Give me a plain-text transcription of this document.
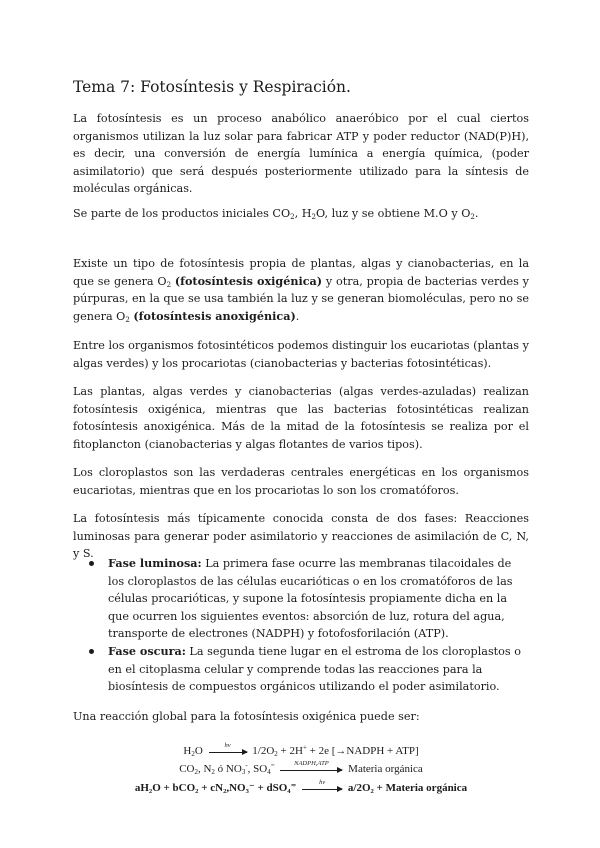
Tema 7: Fotosíntesis y Respiración.

La fotosíntesis es un proceso anabólico anaeróbico por el cual ciertos organismos utilizan la luz solar para fabricar ATP y poder reductor (NAD(P)H), es decir, una conversión de energía lumínica a energía química, (poder asimilatorio) que será después posteriormente utilizado para la síntesis de moléculas orgánicas.

Se parte de los productos iniciales $CO_2$, $H_2O$, luz y se obtiene M.O y $O_2$.

Existe un tipo de fotosíntesis propia de plantas, algas y cianobacterias, en la que se genera $O_2$ (fotosíntesis oxigénica) y otra, propia de bacterias verdes y púrpuras, en la que se usa también la luz y se generan biomoléculas, pero no se genera $O_2$ (fotosíntesis anoxigénica).

Entre los organismos fotosintéticos podemos distinguir los eucariotas (plantas y algas verdes) y los procariotas (cianobacterias y bacterias fotosintéticas).

Las plantas, algas verdes y cianobacterias (algas verdes-azuladas) realizan fotosíntesis oxigénica, mientras que las bacterias fotosintéticas realizan fotosíntesis anoxigénica. Más de la mitad de la fotosíntesis se realiza por el fitoplancton (cianobacterias y algas flotantes de varios tipos).

Los cloroplastos son las verdaderas centrales energéticas en los organismos eucariotas, mientras que en los procariotas lo son los cromatóforos.

La fotosíntesis más típicamente conocida consta de dos fases: Reacciones luminosas para generar poder asimilatorio y reacciones de asimilación de C, N, y S.

Fase luminosa: La primera fase ocurre las membranas tilacoidales de los cloroplastos de las células eucarióticas o en los cromatóforos de las células procarióticas, y supone la fotosíntesis propiamente dicha en la que ocurren los siguientes eventos: absorción de luz, rotura del agua, transporte de electrones (NADPH) y fotofosforilación (ATP).
Fase oscura: La segunda tiene lugar en el estroma de los cloroplastos o en el citoplasma celular y comprende todas las reacciones para la biosíntesis de compuestos orgánicos utilizando el poder asimilatorio.

Una reacción global para la fotosíntesis oxigénica puede ser:

$H_2O$	hν	$1/2O_2 + 2H^+ + 2e$ [→NADPH + ATP]
$CO_2$, $N_2$ ó $NO_3^-$, $SO_4^=$	NADPH,ATP	Materia orgánica
aH₂O + bCO₂ + cN₂,NO₃⁻ + dSO₄⁼	hν	a/2O₂ + Materia orgánica
